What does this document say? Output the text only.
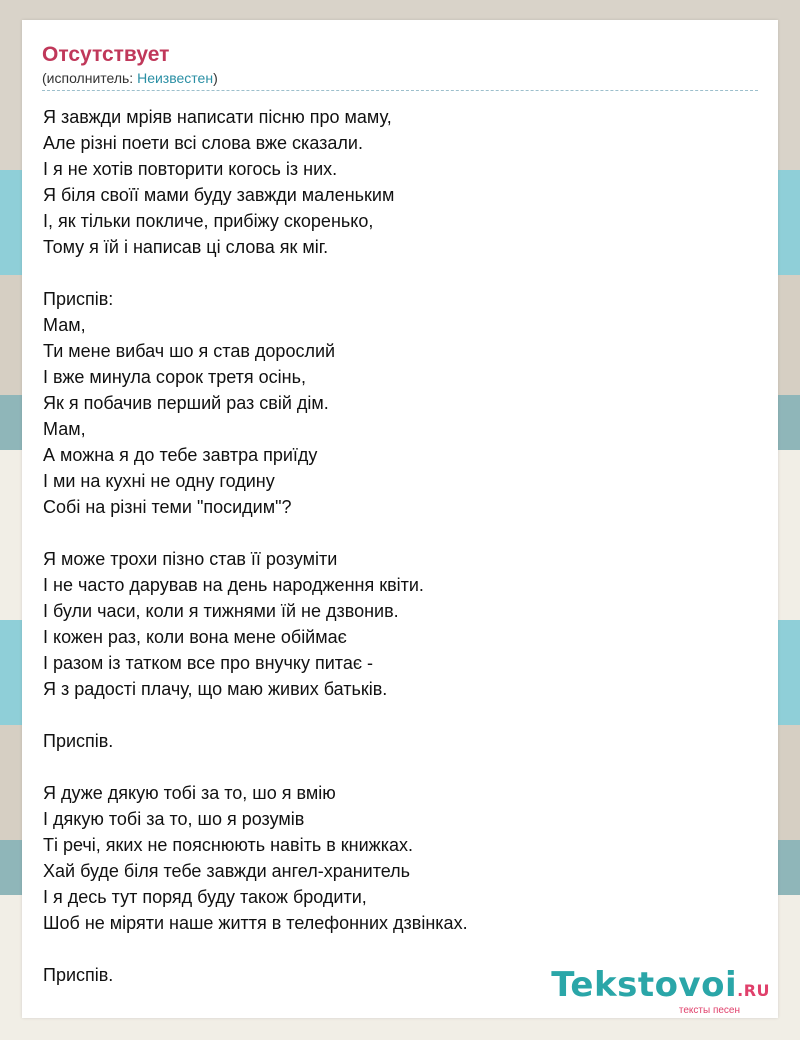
Отсутствует
(исполнитель: Неизвестен)
Я завжди мріяв написати пісню про маму,
Але різні поети всі слова вже сказали.
І я не хотів повторити когось із них.
Я біля своїї мами буду завжди маленьким
І, як тільки покличе, прибіжу скоренько,
Тому я їй і написав ці слова як міг.

Приспів:
Мам,
Ти мене вибач шо я став дорослий
І вже минула сорок третя осінь,
Як я побачив перший раз свій дім.
Мам,
А можна я до тебе завтра приїду
І ми на кухні не одну годину
Собі на різні теми "посидим"?

Я може трохи пізно став її розуміти
І не часто дарував на день народження квіти.
І були часи, коли я тижнями їй не дзвонив.
І кожен раз, коли вона мене обіймає
І разом із татком все про внучку питає -
Я з радості плачу, що маю живих батьків.

Приспів.

Я дуже дякую тобі за то, шо я вмію
І дякую тобі за то, шо я розумів
Ті речі, яких не пояснюють навіть в книжках.
Хай буде біля тебе завжди ангел-хранитель
І я десь тут поряд буду також бродити,
Шоб не міряти наше життя в телефонних дзвінках.

Приспів.	Tekstovoi.RU
тексты песен
